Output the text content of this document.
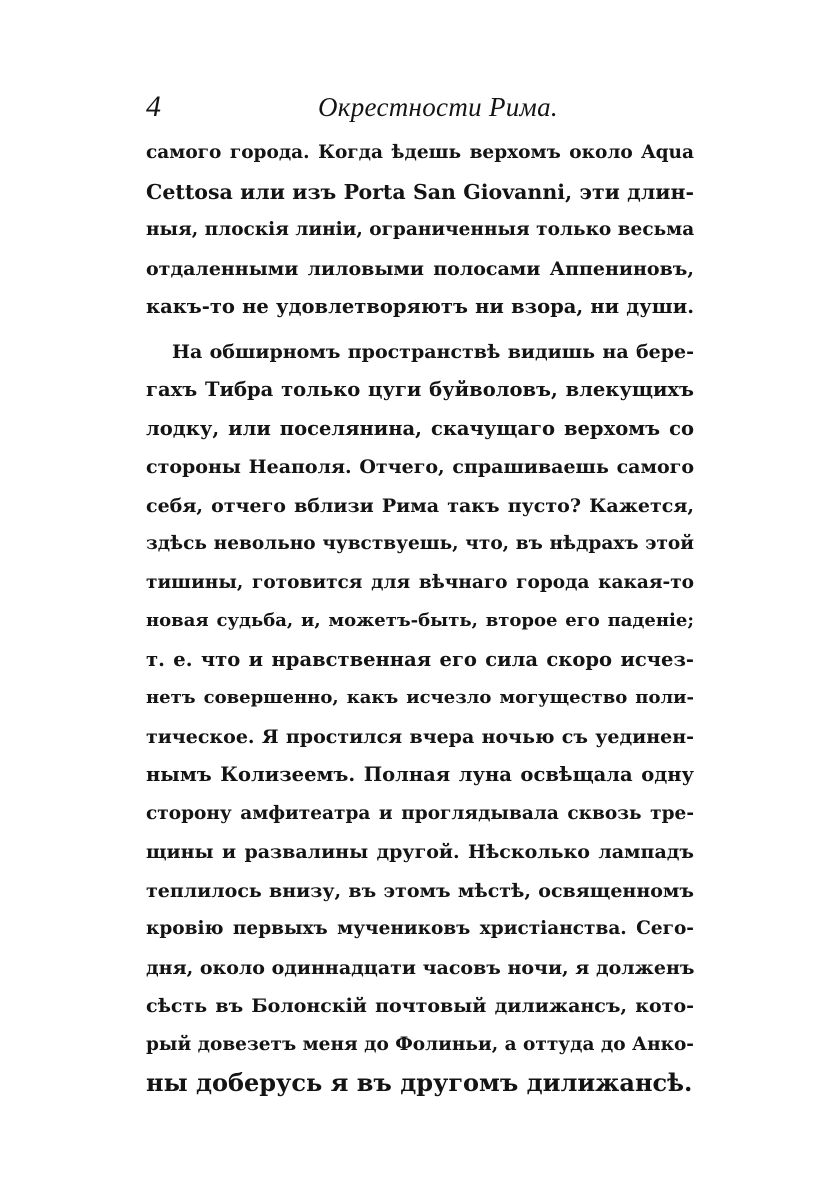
4	Окрестности Рима.
самого города. Когда ѣдешь верхомъ около Aqua
Cettosa или изъ Porta San Giovanni, эти длин-
ныя, плоскія линіи, ограниченныя только весьма
отдаленными лиловыми полосами Аппениновъ,
какъ-то не удовлетворяютъ ни взора, ни души.
На обширномъ пространствѣ видишь на бере-
гахъ Тибра только цуги буйволовъ, влекущихъ
лодку, или поселянина, скачущаго верхомъ со
стороны Неаполя. Отчего, спрашиваешь самого
себя, отчего вблизи Рима такъ пусто? Кажется,
здѣсь невольно чувствуешь, что, въ нѣдрахъ этой
тишины, готовится для вѣчнаго города какая-то
новая судьба, и, можетъ-быть, второе его паденіе;
т. е. что и нравственная его сила скоро исчез-
нетъ совершенно, какъ исчезло могущество поли-
тическое. Я простился вчера ночью съ уединен-
нымъ Колизеемъ. Полная луна освѣщала одну
сторону амфитеатра и проглядывала сквозь тре-
щины и развалины другой. Нѣсколько лампадъ
теплилось внизу, въ этомъ мѣстѣ, освященномъ
кровію первыхъ мучениковъ христіанства. Сего-
дня, около одиннадцати часовъ ночи, я долженъ
сѣсть въ Болонскій почтовый дилижансъ, кото-
рый довезетъ меня до Фолиньи, а оттуда до Анко-
ны доберусь я въ другомъ дилижансѣ.
